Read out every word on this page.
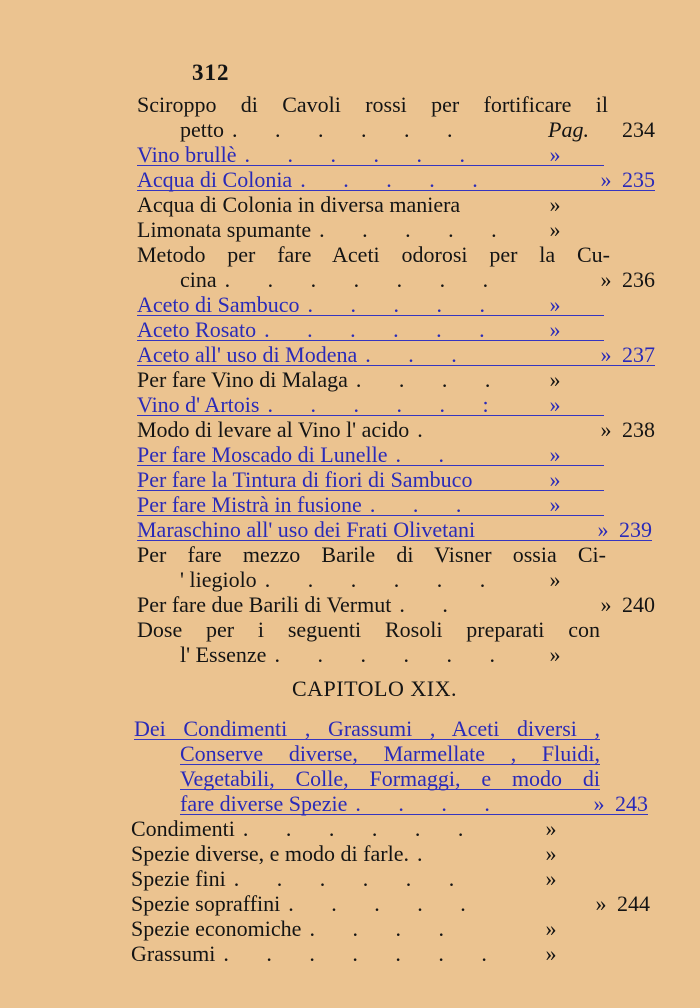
312
Sciroppo di Cavoli rossi per fortificare il
petto . . . . . .	Pag. 234
Vino brullè . . . . . .	»
Acqua di Colonia . . . . .	» 235
Acqua di Colonia in diversa maniera	»
Limonata spumante . . . . .	»
Metodo per fare Aceti odorosi per la Cu-
cina . . . . . . .	» 236
Aceto di Sambuco . . . . .	»
Aceto Rosato . . . . . .	»
Aceto all' uso di Modena . . .	» 237
Per fare Vino di Malaga . . . .	»
Vino d' Artois . . . . . :	»
Modo di levare al Vino l' acido .	» 238
Per fare Moscado di Lunelle . .	»
Per fare la Tintura di fiori di Sambuco	»
Per fare Mistrà in fusione . . .	»
Maraschino all' uso dei Frati Olivetani	» 239
Per fare mezzo Barile di Visner ossia Ci-
' liegiolo . . . . . .	»
Per fare due Barili di Vermut . .	» 240
Dose per i seguenti Rosoli preparati con
l' Essenze . . . . . .	»
CAPITOLO XIX.
Dei Condimenti , Grassumi , Aceti diversi ,
Conserve diverse, Marmellate , Fluidi,
Vegetabili, Colle, Formaggi, e modo di
fare diverse Spezie . . . .	» 243
Condimenti . . . . . .	»
Spezie diverse, e modo di farle. .	»
Spezie fini . . . . . .	»
Spezie sopraffini . . . . .	» 244
Spezie economiche . . . .	»
Grassumi . . . . . . .	»
